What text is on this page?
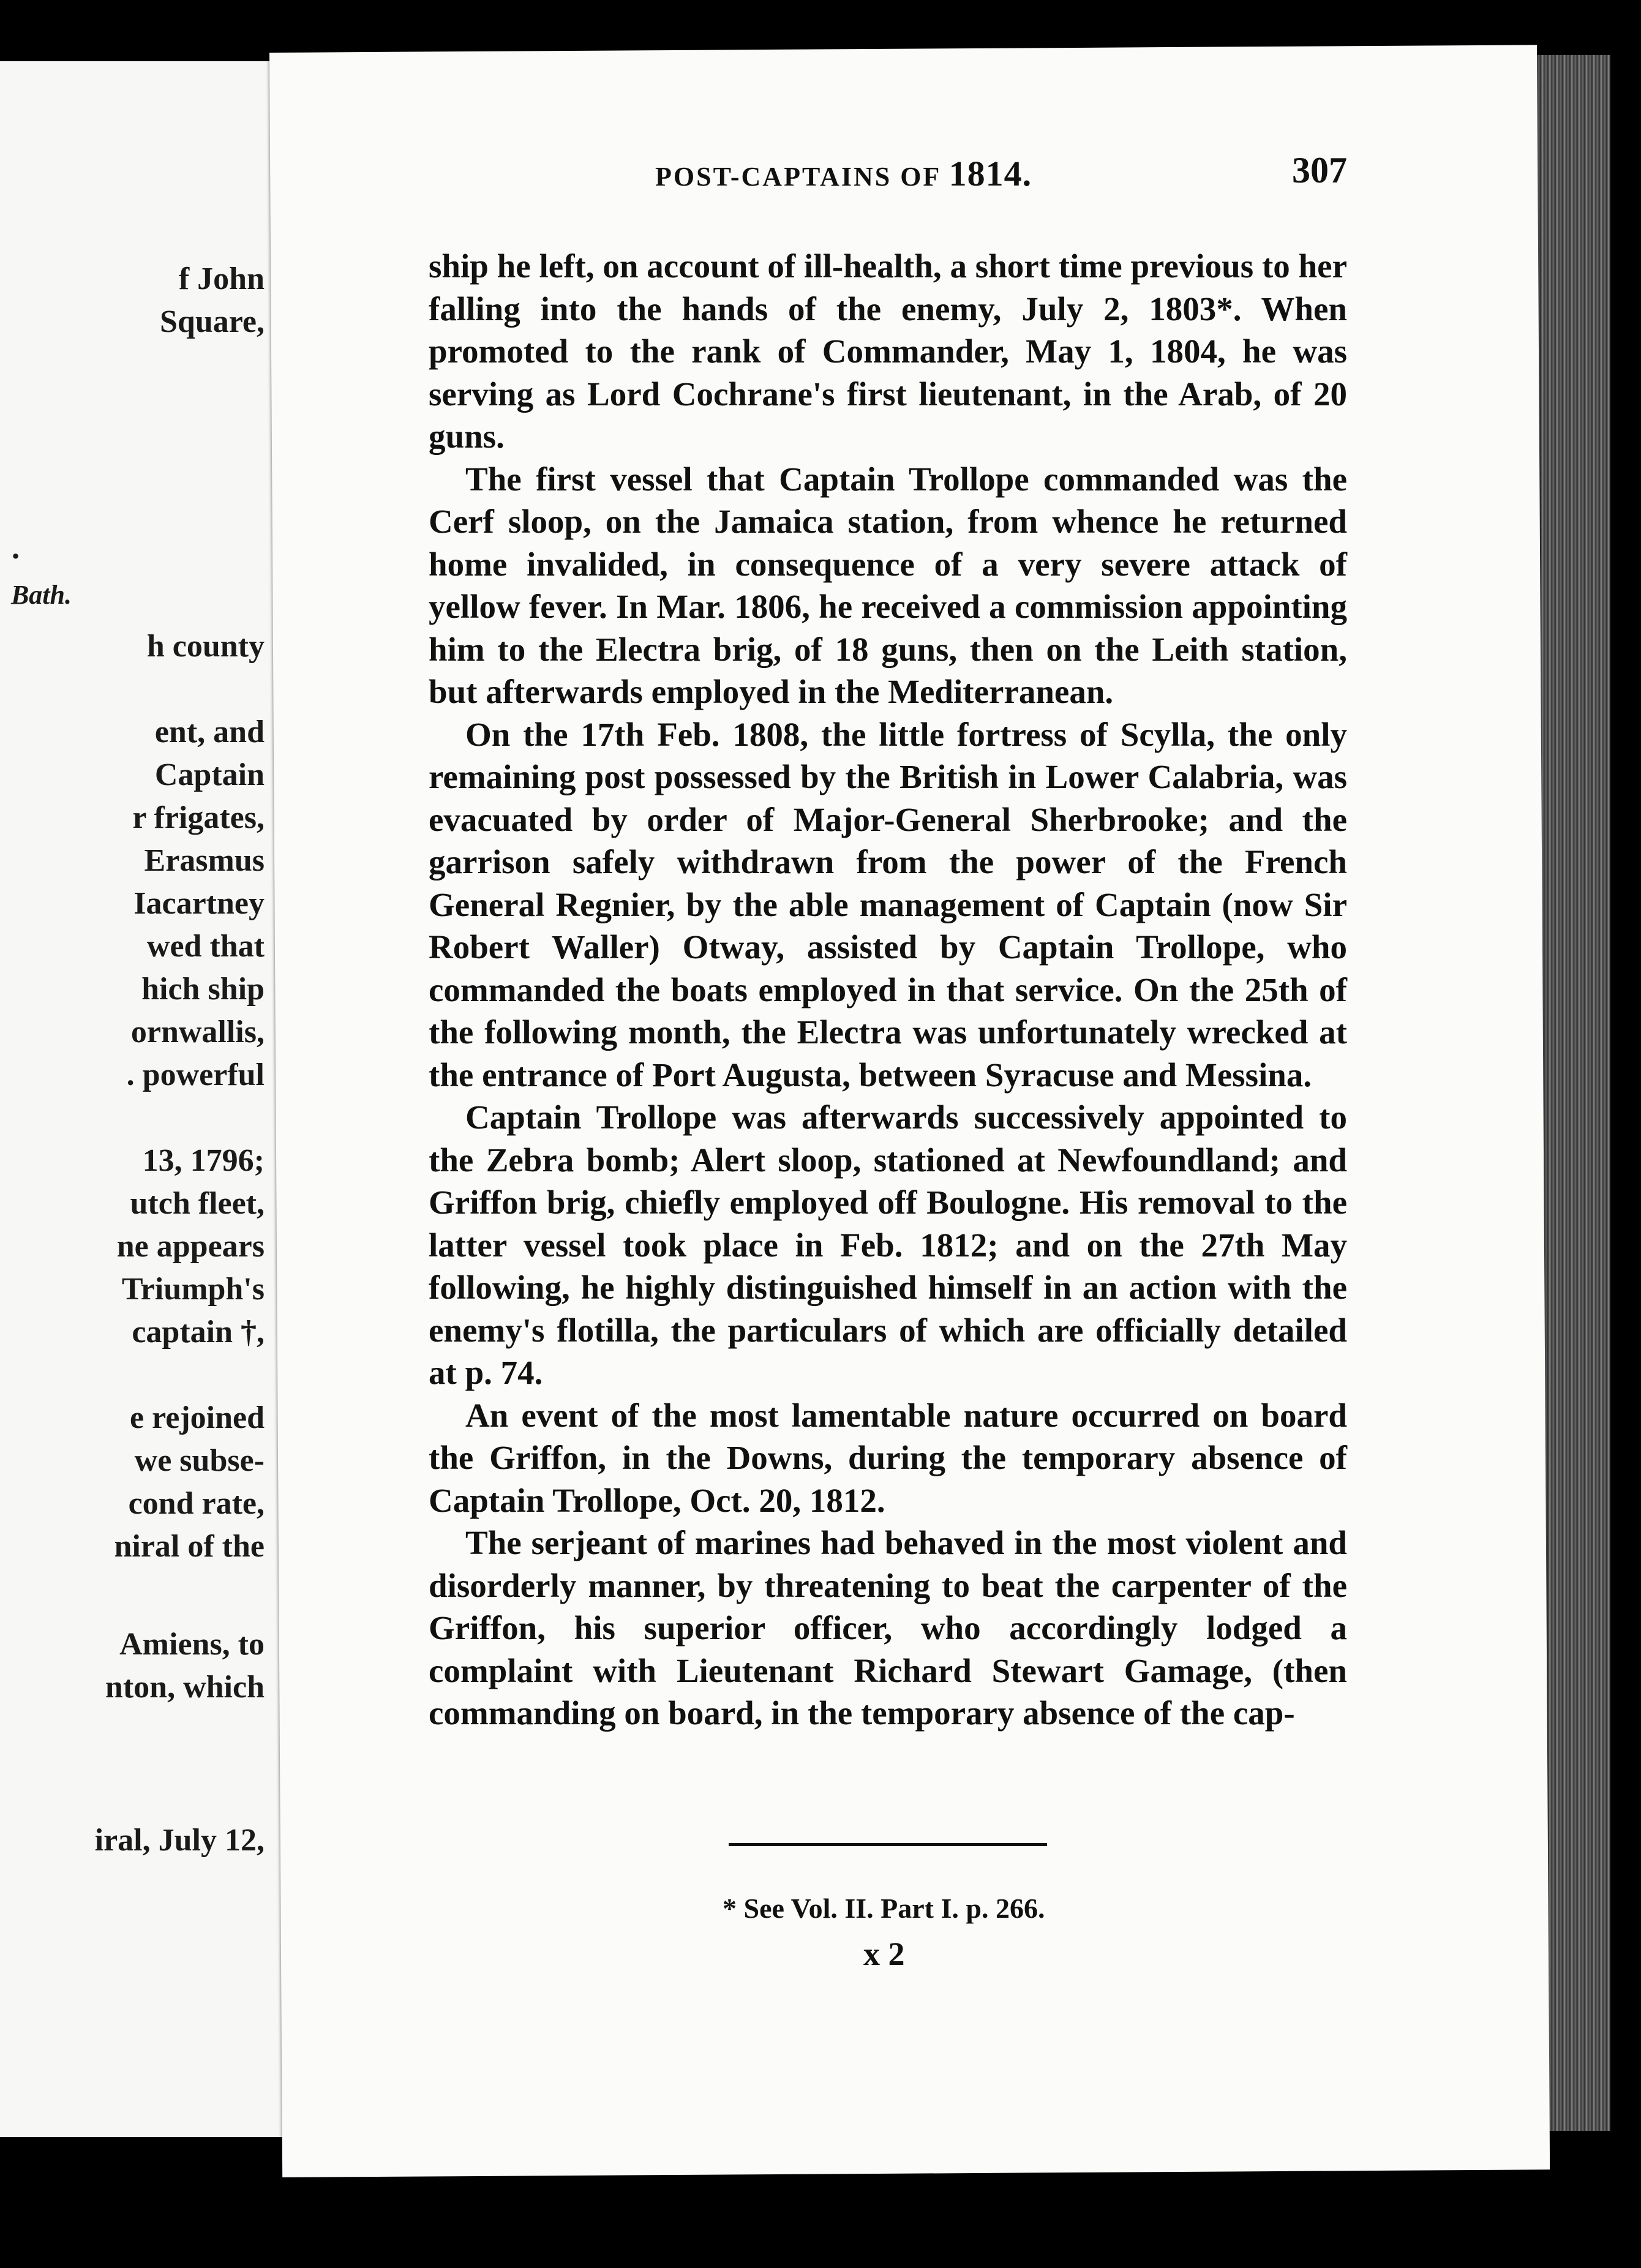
f John
Square,
.
Bath.
h county
ent, and
Captain
r frigates,
Erasmus
Iacartney
wed that
hich ship
ornwallis,
. powerful
13, 1796;
utch fleet,
ne appears
Triumph's
captain †,
e rejoined
we subse-
cond rate,
niral of the
Amiens, to
nton, which
iral, July 12,
POST-CAPTAINS OF 1814.	307

ship he left, on account of ill-health, a short time previous to her falling into the hands of the enemy, July 2, 1803*. When promoted to the rank of Commander, May 1, 1804, he was serving as Lord Cochrane's first lieutenant, in the Arab, of 20 guns.

The first vessel that Captain Trollope commanded was the Cerf sloop, on the Jamaica station, from whence he returned home invalided, in consequence of a very severe attack of yellow fever. In Mar. 1806, he received a commission appointing him to the Electra brig, of 18 guns, then on the Leith station, but afterwards employed in the Mediterranean.

On the 17th Feb. 1808, the little fortress of Scylla, the only remaining post possessed by the British in Lower Calabria, was evacuated by order of Major-General Sherbrooke; and the garrison safely withdrawn from the power of the French General Regnier, by the able management of Captain (now Sir Robert Waller) Otway, assisted by Captain Trollope, who commanded the boats employed in that service. On the 25th of the following month, the Electra was unfortunately wrecked at the entrance of Port Augusta, between Syracuse and Messina.

Captain Trollope was afterwards successively appointed to the Zebra bomb; Alert sloop, stationed at Newfoundland; and Griffon brig, chiefly employed off Boulogne. His removal to the latter vessel took place in Feb. 1812; and on the 27th May following, he highly distinguished himself in an action with the enemy's flotilla, the particulars of which are officially detailed at p. 74.

An event of the most lamentable nature occurred on board the Griffon, in the Downs, during the temporary absence of Captain Trollope, Oct. 20, 1812.

The serjeant of marines had behaved in the most violent and disorderly manner, by threatening to beat the carpenter of the Griffon, his superior officer, who accordingly lodged a complaint with Lieutenant Richard Stewart Gamage, (then commanding on board, in the temporary absence of the cap-

* See Vol. II. Part I. p. 266.
x 2
